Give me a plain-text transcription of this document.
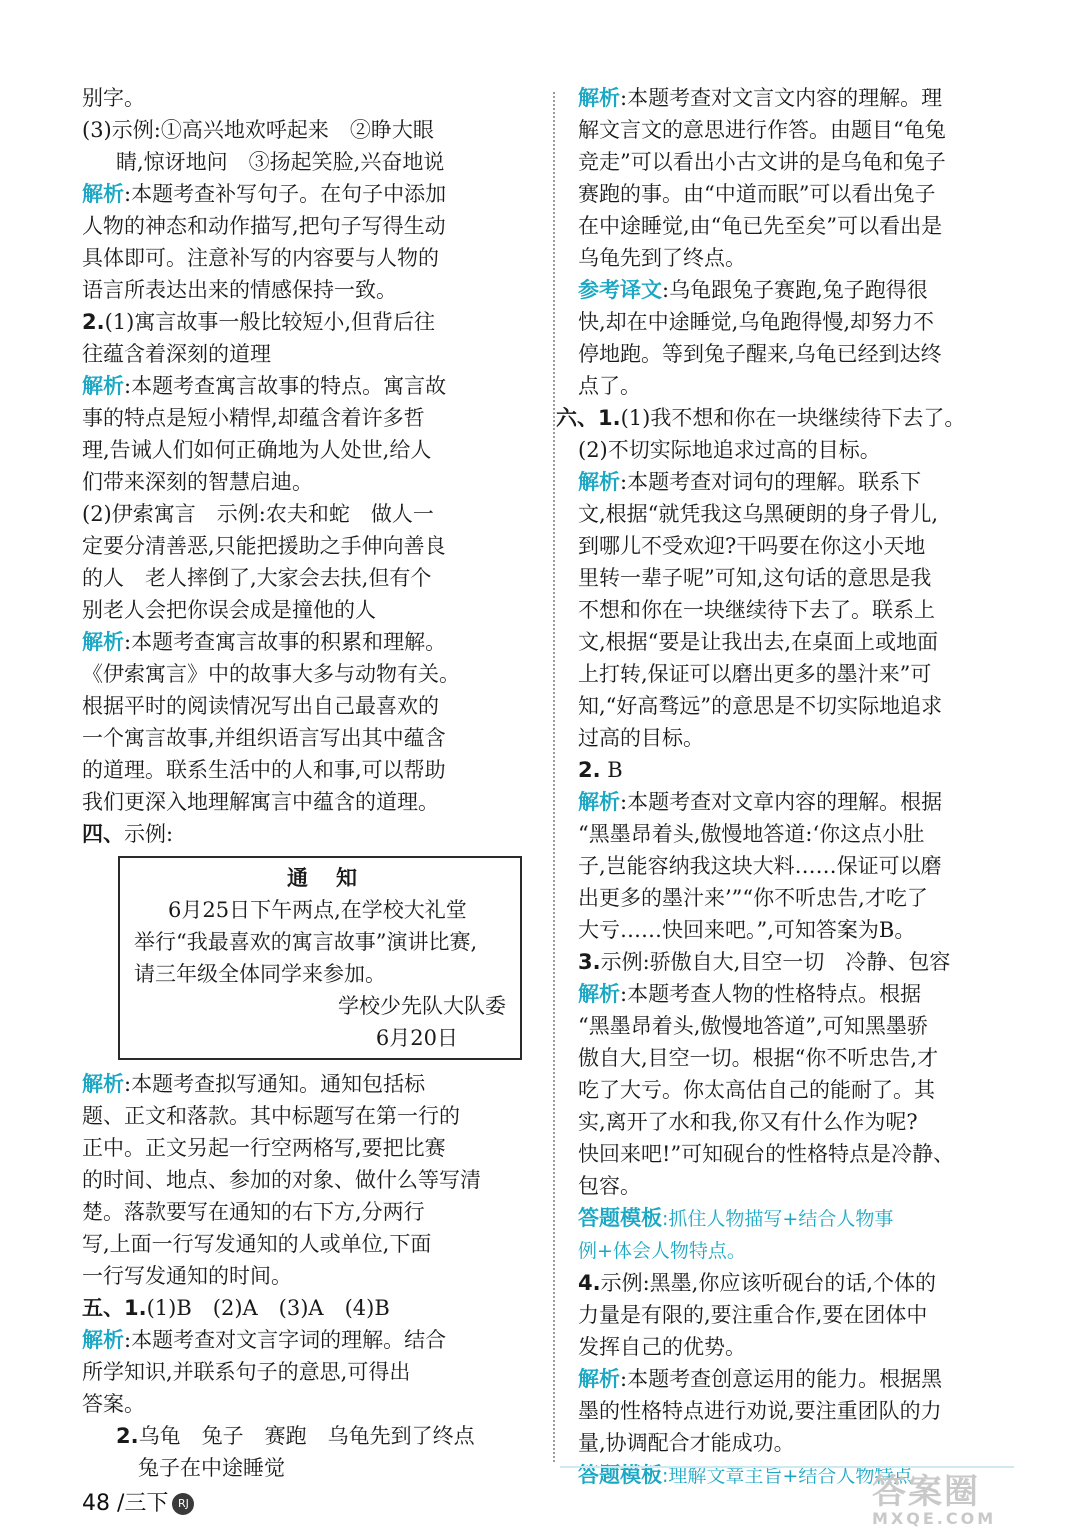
别字。

(3)示例:①高兴地欢呼起来　②睁大眼

睛,惊讶地问　③扬起笑脸,兴奋地说

解析:本题考查补写句子。在句子中添加

人物的神态和动作描写,把句子写得生动

具体即可。注意补写的内容要与人物的

语言所表达出来的情感保持一致。

2.(1)寓言故事一般比较短小,但背后往

往蕴含着深刻的道理

解析:本题考查寓言故事的特点。寓言故

事的特点是短小精悍,却蕴含着许多哲

理,告诫人们如何正确地为人处世,给人

们带来深刻的智慧启迪。

(2)伊索寓言　示例:农夫和蛇　做人一

定要分清善恶,只能把援助之手伸向善良

的人　老人摔倒了,大家会去扶,但有个

别老人会把你误会成是撞他的人

解析:本题考查寓言故事的积累和理解。

《伊索寓言》中的故事大多与动物有关。

根据平时的阅读情况写出自己最喜欢的

一个寓言故事,并组织语言写出其中蕴含

的道理。联系生活中的人和事,可以帮助

我们更深入地理解寓言中蕴含的道理。

四、示例:

通知
6月25日下午两点,在学校大礼堂
举行“我最喜欢的寓言故事”演讲比赛,
请三年级全体同学来参加。
学校少先队大队委
6月20日

解析:本题考查拟写通知。通知包括标

题、正文和落款。其中标题写在第一行的

正中。正文另起一行空两格写,要把比赛

的时间、地点、参加的对象、做什么等写清

楚。落款要写在通知的右下方,分两行

写,上面一行写发通知的人或单位,下面

一行写发通知的时间。

五、1.(1)B　(2)A　(3)A　(4)B

解析:本题考查对文言字词的理解。结合

所学知识,并联系句子的意思,可得出

答案。

2.乌龟　兔子　赛跑　乌龟先到了终点

兔子在中途睡觉

解析:本题考查对文言文内容的理解。理

解文言文的意思进行作答。由题目“龟兔

竞走”可以看出小古文讲的是乌龟和兔子

赛跑的事。由“中道而眠”可以看出兔子

在中途睡觉,由“龟已先至矣”可以看出是

乌龟先到了终点。

参考译文:乌龟跟兔子赛跑,兔子跑得很

快,却在中途睡觉,乌龟跑得慢,却努力不

停地跑。等到兔子醒来,乌龟已经到达终

点了。

六、1.(1)我不想和你在一块继续待下去了。

(2)不切实际地追求过高的目标。

解析:本题考查对词句的理解。联系下

文,根据“就凭我这乌黑硬朗的身子骨儿,

到哪儿不受欢迎?干吗要在你这小天地

里转一辈子呢”可知,这句话的意思是我

不想和你在一块继续待下去了。联系上

文,根据“要是让我出去,在桌面上或地面

上打转,保证可以磨出更多的墨汁来”可

知,“好高骛远”的意思是不切实际地追求

过高的目标。

2. B

解析:本题考查对文章内容的理解。根据

“黑墨昂着头,傲慢地答道:‘你这点小肚

子,岂能容纳我这块大料……保证可以磨

出更多的墨汁来’”“你不听忠告,才吃了

大亏……快回来吧。”,可知答案为B。

3.示例:骄傲自大,目空一切　冷静、包容

解析:本题考查人物的性格特点。根据

“黑墨昂着头,傲慢地答道”,可知黑墨骄

傲自大,目空一切。根据“你不听忠告,才

吃了大亏。你太高估自己的能耐了。其

实,离开了水和我,你又有什么作为呢?

快回来吧!”可知砚台的性格特点是冷静、

包容。

答题模板:抓住人物描写+结合人物事

例+体会人物特点。

4.示例:黑墨,你应该听砚台的话,个体的

力量是有限的,要注重合作,要在团体中

发挥自己的优势。

解析:本题考查创意运用的能力。根据黑

墨的性格特点进行劝说,要注重团队的力

量,协调配合才能成功。

答题模板:理解文章主旨+结合人物特点

48 /三下 RJ	答案圈
MXQE.COM
